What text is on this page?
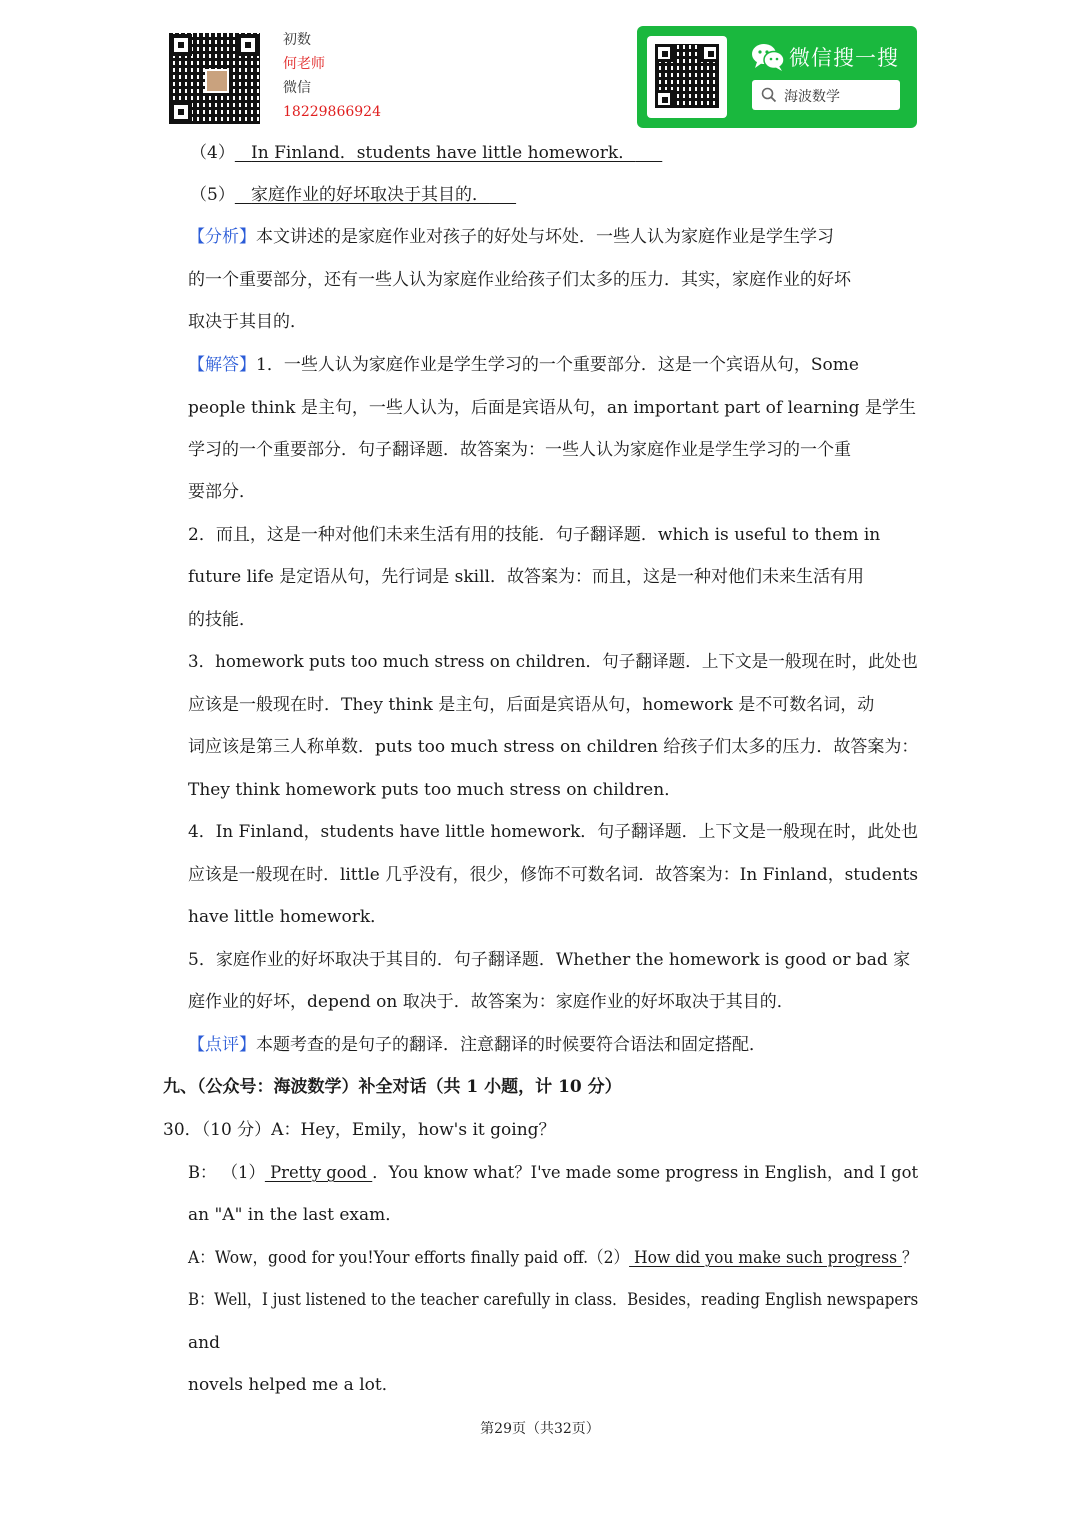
初数
何老师
微信
18229866924
微信搜一搜
海波数学
（4） In Finland．students have little homework．
（5） 家庭作业的好坏取决于其目的．
【分析】本文讲述的是家庭作业对孩子的好处与坏处．一些人认为家庭作业是学生学习
的一个重要部分，还有一些人认为家庭作业给孩子们太多的压力．其实，家庭作业的好坏
取决于其目的．
【解答】1．一些人认为家庭作业是学生学习的一个重要部分．这是一个宾语从句，Some
people think 是主句，一些人认为，后面是宾语从句，an important part of learning 是学生
学习的一个重要部分．句子翻译题．故答案为：一些人认为家庭作业是学生学习的一个重
要部分．
2．而且，这是一种对他们未来生活有用的技能．句子翻译题．which is useful to them in
future life 是定语从句，先行词是 skill．故答案为：而且，这是一种对他们未来生活有用
的技能．
3．homework puts too much stress on children．句子翻译题．上下文是一般现在时，此处也
应该是一般现在时．They think 是主句，后面是宾语从句，homework 是不可数名词，动
词应该是第三人称单数．puts too much stress on children 给孩子们太多的压力．故答案为：
They think homework puts too much stress on children．
4．In Finland，students have little homework．句子翻译题．上下文是一般现在时，此处也
应该是一般现在时．little 几乎没有，很少，修饰不可数名词．故答案为：In Finland，students
have little homework．
5．家庭作业的好坏取决于其目的．句子翻译题．Whether the homework is good or bad 家
庭作业的好坏，depend on 取决于．故答案为：家庭作业的好坏取决于其目的．
【点评】本题考查的是句子的翻译．注意翻译的时候要符合语法和固定搭配．
九、（公众号：海波数学）补全对话（共 1 小题，计 10 分）
30．（10 分）A：Hey，Emily，how's it going？
B： （1） Pretty good ．You know what？I've made some progress in English，and I got
an "A" in the last exam．
A：Wow，good for you!Your efforts finally paid off.（2） How did you make such progress ？
B：Well，I just listened to the teacher carefully in class．Besides，reading English newspapers
and
novels helped me a lot．
第29页（共32页）
